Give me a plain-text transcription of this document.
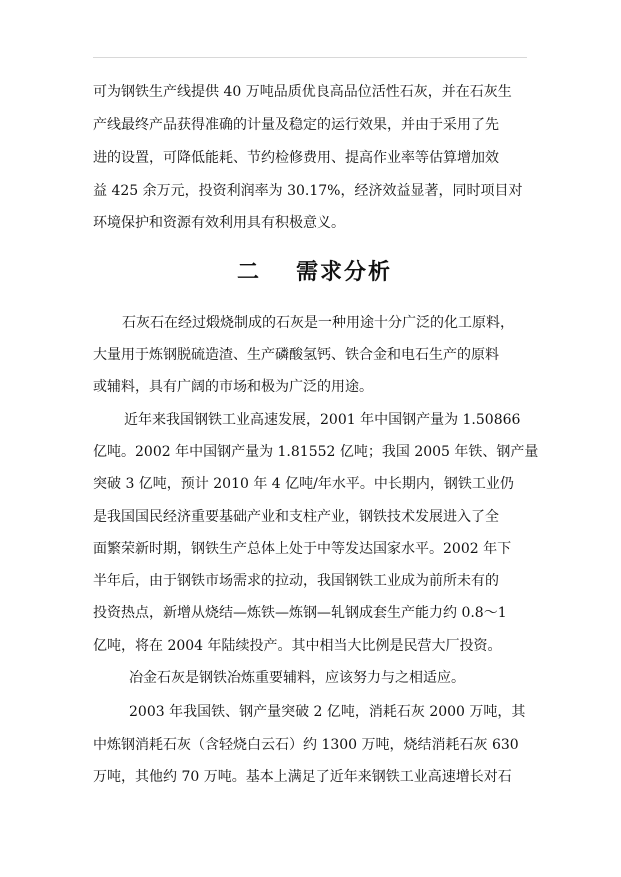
可为钢铁生产线提供 40 万吨品质优良高品位活性石灰，并在石灰生
产线最终产品获得准确的计量及稳定的运行效果，并由于采用了先
进的设置，可降低能耗、节约检修费用、提高作业率等估算增加效
益 425 余万元，投资利润率为 30.17%，经济效益显著，同时项目对
环境保护和资源有效利用具有积极意义。
二 需求分析
石灰石在经过煅烧制成的石灰是一种用途十分广泛的化工原料，
大量用于炼钢脱硫造渣、生产磷酸氢钙、铁合金和电石生产的原料
或辅料，具有广阔的市场和极为广泛的用途。
近年来我国钢铁工业高速发展，2001 年中国钢产量为 1.50866
亿吨。2002 年中国钢产量为 1.81552 亿吨；我国 2005 年铁、钢产量
突破 3 亿吨，预计 2010 年 4 亿吨/年水平。中长期内，钢铁工业仍
是我国国民经济重要基础产业和支柱产业，钢铁技术发展进入了全
面繁荣新时期，钢铁生产总体上处于中等发达国家水平。2002 年下
半年后，由于钢铁市场需求的拉动，我国钢铁工业成为前所未有的
投资热点，新增从烧结—炼铁—炼钢—轧钢成套生产能力约 0.8～1
亿吨，将在 2004 年陆续投产。其中相当大比例是民营大厂投资。
冶金石灰是钢铁冶炼重要辅料，应该努力与之相适应。
2003 年我国铁、钢产量突破 2 亿吨，消耗石灰 2000 万吨，其
中炼钢消耗石灰（含轻烧白云石）约 1300 万吨，烧结消耗石灰 630
万吨，其他约 70 万吨。基本上满足了近年来钢铁工业高速增长对石
